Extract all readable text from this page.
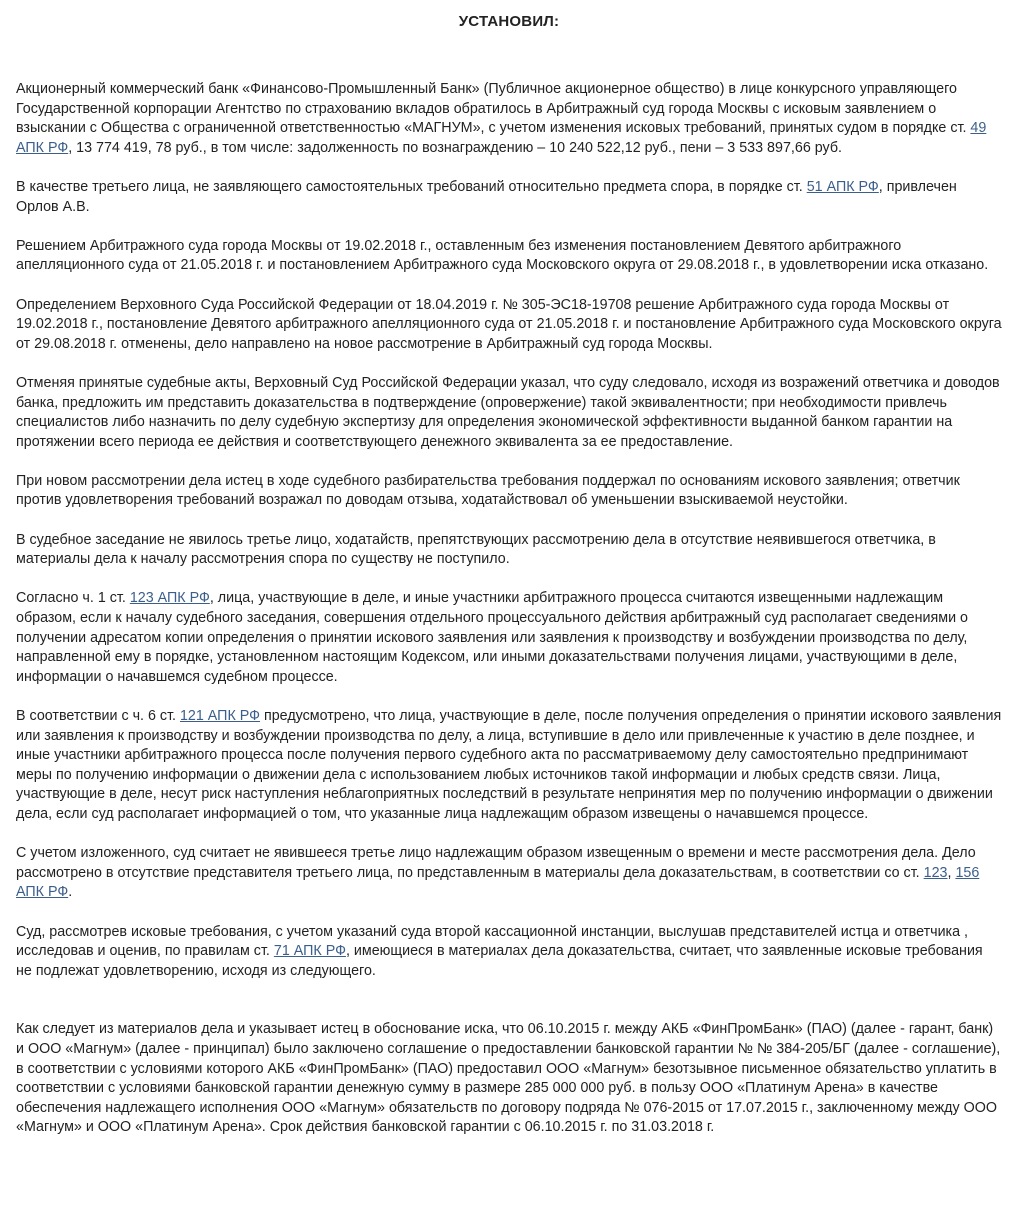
УСТАНОВИЛ:

Акционерный коммерческий банк «Финансово-Промышленный Банк» (Публичное акционерное общество) в лице конкурсного управляющего Государственной корпорации Агентство по страхованию вкладов обратилось в Арбитражный суд города Москвы с исковым заявлением о взыскании с Общества с ограниченной ответственностью «МАГНУМ», с учетом изменения исковых требований, принятых судом в порядке ст. 49 АПК РФ, 13 774 419, 78 руб., в том числе: задолженность по вознаграждению – 10 240 522,12 руб., пени – 3 533 897,66 руб.

В качестве третьего лица, не заявляющего самостоятельных требований относительно предмета спора, в порядке ст. 51 АПК РФ, привлечен Орлов А.В.

Решением Арбитражного суда города Москвы от 19.02.2018 г., оставленным без изменения постановлением Девятого арбитражного апелляционного суда от 21.05.2018 г. и постановлением Арбитражного суда Московского округа от 29.08.2018 г., в удовлетворении иска отказано.

Определением Верховного Суда Российской Федерации от 18.04.2019 г. № 305-ЭС18-19708 решение Арбитражного суда города Москвы от 19.02.2018 г., постановление Девятого арбитражного апелляционного суда от 21.05.2018 г. и постановление Арбитражного суда Московского округа от 29.08.2018 г. отменены, дело направлено на новое рассмотрение в Арбитражный суд города Москвы.

Отменяя принятые судебные акты, Верховный Суд Российской Федерации указал, что суду следовало, исходя из возражений ответчика и доводов банка, предложить им представить доказательства в подтверждение (опровержение) такой эквивалентности; при необходимости привлечь специалистов либо назначить по делу судебную экспертизу для определения экономической эффективности выданной банком гарантии на протяжении всего периода ее действия и соответствующего денежного эквивалента за ее предоставление.

При новом рассмотрении дела истец в ходе судебного разбирательства требования поддержал по основаниям искового заявления; ответчик против удовлетворения требований возражал по доводам отзыва, ходатайствовал об уменьшении взыскиваемой неустойки.

В судебное заседание не явилось третье лицо, ходатайств, препятствующих рассмотрению дела в отсутствие неявившегося ответчика, в материалы дела к началу рассмотрения спора по существу не поступило.

Согласно ч. 1 ст. 123 АПК РФ, лица, участвующие в деле, и иные участники арбитражного процесса считаются извещенными надлежащим образом, если к началу судебного заседания, совершения отдельного процессуального действия арбитражный суд располагает сведениями о получении адресатом копии определения о принятии искового заявления или заявления к производству и возбуждении производства по делу, направленной ему в порядке, установленном настоящим Кодексом, или иными доказательствами получения лицами, участвующими в деле, информации о начавшемся судебном процессе.

В соответствии с ч. 6 ст. 121 АПК РФ предусмотрено, что лица, участвующие в деле, после получения определения о принятии искового заявления или заявления к производству и возбуждении производства по делу, а лица, вступившие в дело или привлеченные к участию в деле позднее, и иные участники арбитражного процесса после получения первого судебного акта по рассматриваемому делу самостоятельно предпринимают меры по получению информации о движении дела с использованием любых источников такой информации и любых средств связи. Лица, участвующие в деле, несут риск наступления неблагоприятных последствий в результате непринятия мер по получению информации о движении дела, если суд располагает информацией о том, что указанные лица надлежащим образом извещены о начавшемся процессе.

С учетом изложенного, суд считает не явившееся третье лицо надлежащим образом извещенным о времени и месте рассмотрения дела. Дело рассмотрено в отсутствие представителя третьего лица, по представленным в материалы дела доказательствам, в соответствии со ст. 123, 156 АПК РФ.

Суд, рассмотрев исковые требования, с учетом указаний суда второй кассационной инстанции, выслушав представителей истца и ответчика , исследовав и оценив, по правилам ст. 71 АПК РФ, имеющиеся в материалах дела доказательства, считает, что заявленные исковые требования не подлежат удовлетворению, исходя из следующего.

Как следует из материалов дела и указывает истец в обоснование иска, что 06.10.2015 г. между АКБ «ФинПромБанк» (ПАО) (далее - гарант, банк) и ООО «Магнум» (далее - принципал) было заключено соглашение о предоставлении банковской гарантии № № 384-205/БГ (далее - соглашение), в соответствии с условиями которого АКБ «ФинПромБанк» (ПАО) предоставил ООО «Магнум» безотзывное письменное обязательство уплатить в соответствии с условиями банковской гарантии денежную сумму в размере 285 000 000 руб. в пользу ООО «Платинум Арена» в качестве обеспечения надлежащего исполнения ООО «Магнум» обязательств по договору подряда № 076-2015 от 17.07.2015 г., заключенному между ООО «Магнум» и ООО «Платинум Арена». Срок действия банковской гарантии с 06.10.2015 г. по 31.03.2018 г.
